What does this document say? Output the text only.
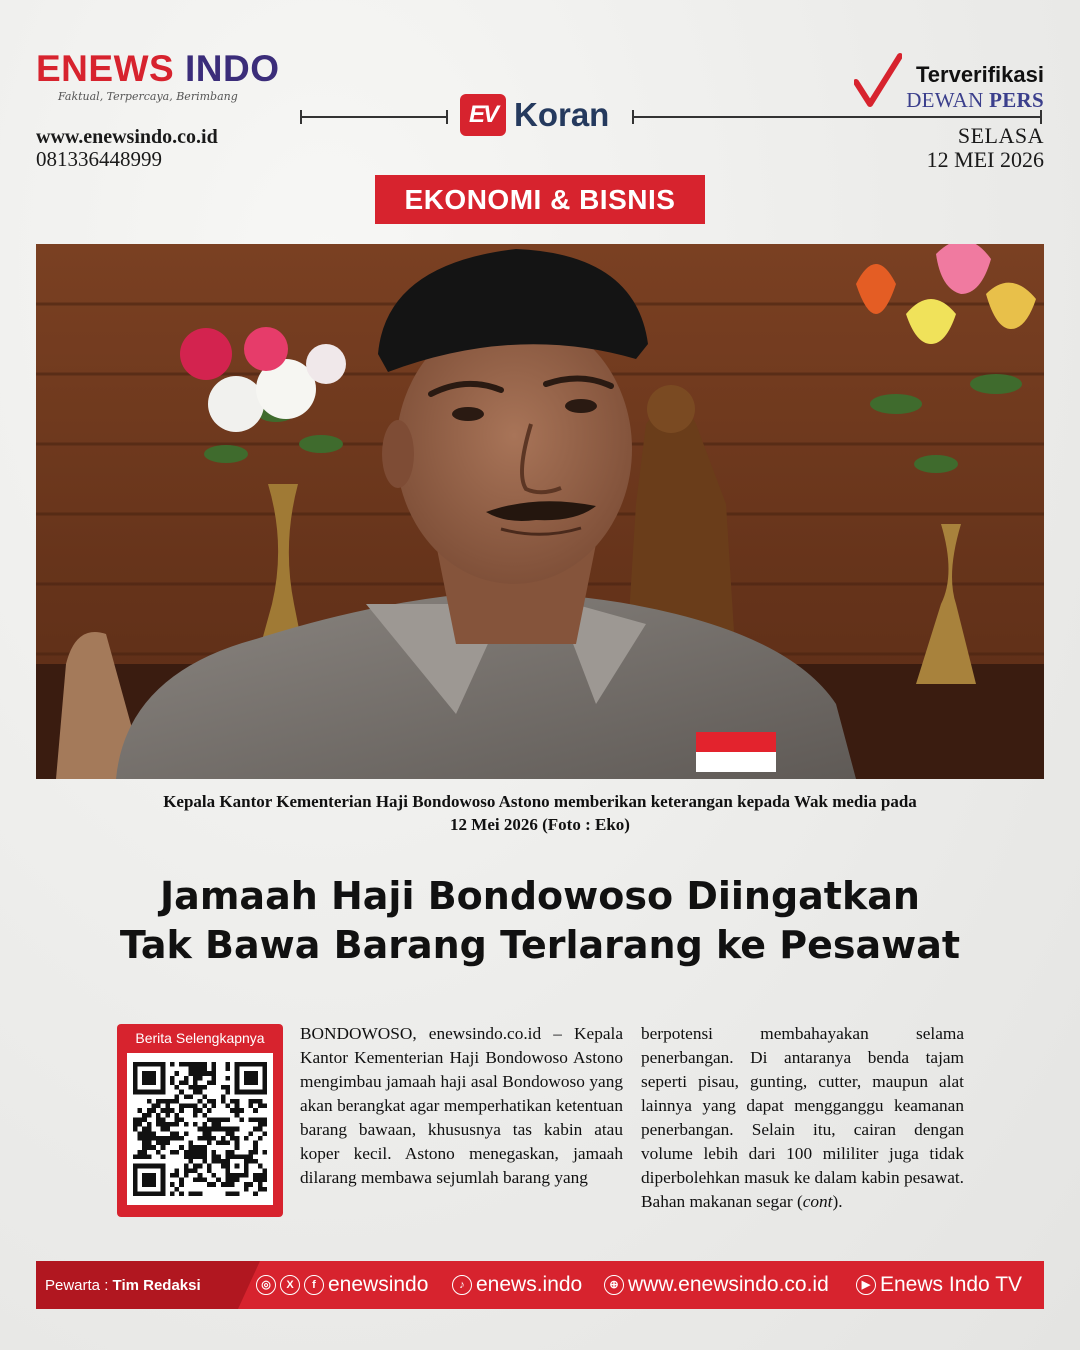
ENEWS INDO
Faktual, Terpercaya, Berimbang
www.enewsindo.co.id
081336448999
EV Koran
Terverifikasi
DEWAN PERS
SELASA
12 MEI 2026
EKONOMI & BISNIS
Kepala Kantor Kementerian Haji Bondowoso Astono memberikan keterangan kepada Wak media pada
12 Mei 2026 (Foto : Eko)
Jamaah Haji Bondowoso Diingatkan
Tak Bawa Barang Terlarang ke Pesawat
Berita Selengkapnya	BONDOWOSO, enewsindo.co.id – Kepala Kantor Kementerian Haji Bondowoso Astono mengimbau jamaah haji asal Bondowoso yang akan berangkat agar memperhatikan ketentuan barang bawaan, khususnya tas kabin atau koper kecil. Astono menegaskan, jamaah dilarang membawa sejumlah barang yang
berpotensi membahayakan selama penerbangan. Di antaranya benda tajam seperti pisau, gunting, cutter, maupun alat lainnya yang dapat mengganggu keamanan penerbangan. Selain itu, cairan dengan volume lebih dari 100 mililiter juga tidak diperbolehkan masuk ke dalam kabin pesawat. Bahan makanan segar (cont).
Pewarta :
Tim Redaksi	◎	X	f enewsindo	♪ enews.indo	⊕ www.enewsindo.co.id	▶ Enews Indo TV
